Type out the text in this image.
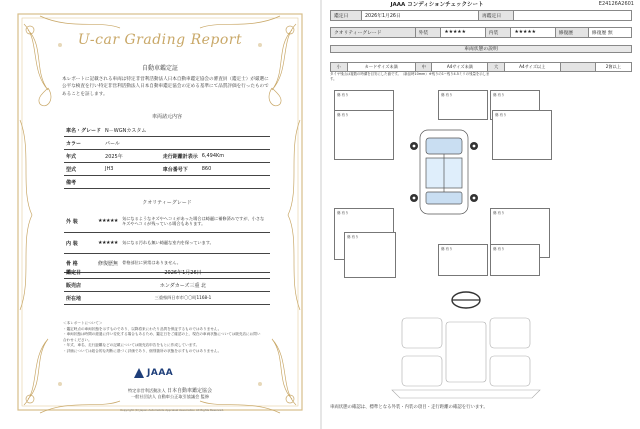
U-car Grading Report
自動車鑑定証
本レポートに記載される車両は特定非営利活動法人日本自動車鑑定協会の審査員（鑑定士）が厳選に公平な検査を行い特定非営利活動法人日本自動車鑑定協会の定める基準にて品質評価を行ったものであることを証します。
車両諸元内容
車名・グレード	N－WGNカスタム		
カラー	パール		
年式	2025年	走行距離計表示	6,494Km
型式	JH3	車台番号下	860
備考			
クオリティーグレード
外 装	★★★★★	気になるようなキズやヘコミがあった場合は綺麗に補修済みですが、小さなキズやヘコミが残っている場合もあります。
内 装	★★★★★	気になる汚れも無い綺麗な室内を保っています。
骨 格	修復歴無	骨格部位に異常はありません。
鑑定日	2026年1月26日
販売店	ホンダカーズ三重 北
所在地	三重県四日市市〇〇町1168-1
＜本レポートについて＞
・鑑定時点の車両状態を示すものであり、以降将来にわたり品質を保証するものではありません。
・車両状態は時間の経過に伴い変化する場合もあるため、鑑定日をご確認の上、現在の車両状態については販売店にお問い合わせください。
・年式、車名、走行距離などの記載については販売店申告をもとに作成しています。
・評価については総合的な判断に基づく評価であり、個別箇所の状態を示すものではありません。
JAAA
特定非営利活動法人 日本自動車鑑定協会
一般社団法人 自動車公正取引協議会 監修
Copyright (C) Japan Automobile Appraisal Association All Rights Reserved.
JAAA コンディションチェックシート	E24126A2601
鑑定日	2026年1月26日	再鑑定日	
クオリティーグレード	外装	★★★★★	内装	★★★★★	修復歴	修復歴 無
車両状態の説明
小	カードサイズ未満	中	A4サイズ未満	大	A4サイズ以上		2箇以上
タイヤ残山は複数の時溝を目安にした値です。（新品時10mm）※残りの1~残り4.5ミリの残量を示します。
傷 有り
傷 有り
傷 有り
傷 有り	傷 有り
傷 有り
傷 有り
傷 有り
傷 有り	傷 有り
車両状態の確認は、標準となる外装・内装の項目・走行距離の確認を行います。
